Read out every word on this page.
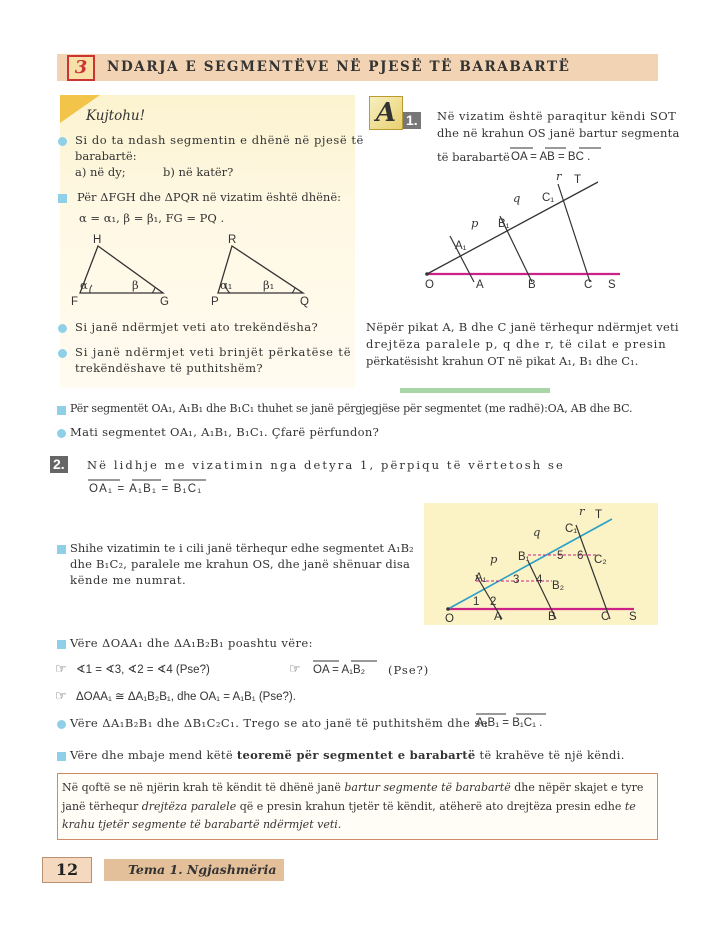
3	NDARJA E SEGMENTËVE NË PJESË TË BARABARTË
Kujtohu!
Si do ta ndash segmentin e dhënë në pjesë të
barabartë:
a) në dy;	b) në katër?
Për ΔFGH dhe ΔPQR në vizatim është dhënë:
α = α₁, β = β₁, FG = PQ .
H	R
α	β	α₁	β₁
F	G	P	Q
Si janë ndërmjet veti ato trekëndësha?
Si janë ndërmjet veti brinjët përkatëse të
trekëndëshave të puthitshëm?
A 1. Në vizatim është paraqitur këndi SOT
dhe në krahun OS janë bartur segmenta
të barabartë OA = AB = BC .
O	A	B	C S
T
A₁
B₁
C₁
p
q
r
Nëpër pikat A, B dhe C janë tërhequr ndërmjet veti
drejtëza paralele p, q dhe r, të cilat e presin
përkatësisht krahun OT në pikat A₁, B₁ dhe C₁.
Për segmentët OA₁, A₁B₁ dhe B₁C₁ thuhet se janë përgjegjëse për segmentet (me radhë):OA, AB dhe BC.
Mati segmentet OA₁, A₁B₁, B₁C₁. Çfarë përfundon?
2. Në lidhje me vizatimin nga detyra 1, përpiqu të vërtetosh se
OA₁ = A₁B₁ = B₁C₁
O	A	B	C S
T
A₁
B₁
C₁
B₂
C₂
p
q
r
1 2
3 4
5 6
Shihe vizatimin te i cili janë tërhequr edhe segmentet A₁B₂
dhe B₁C₂, paralele me krahun OS, dhe janë shënuar disa
kënde me numrat.
Vëre ΔOAA₁ dhe ΔA₁B₂B₁ poashtu vëre:
☞ ∢1 = ∢3, ∢2 = ∢4 (Pse?)	☞ OA = A₁B₂ (Pse?)
☞ ΔOAA₁ ≅ ΔA₁B₂B₁, dhe OA₁ = A₁B₁ (Pse?).
Vëre ΔA₁B₂B₁ dhe ΔB₁C₂C₁. Trego se ato janë të puthitshëm dhe se
A₁B₁ = B₁C₁ .
Vëre dhe mbaje mend këtë teoremë për segmentet e barabartë të krahëve të një këndi.
Në qoftë se në njërin krah të këndit të dhënë janë bartur segmente të barabartë dhe nëpër skajet e tyre
janë tërhequr drejtëza paralele që e presin krahun tjetër të këndit, atëherë ato drejtëza presin edhe te
krahu tjetër segmente të barabartë ndërmjet veti.
12	Tema 1. Ngjashmëria
